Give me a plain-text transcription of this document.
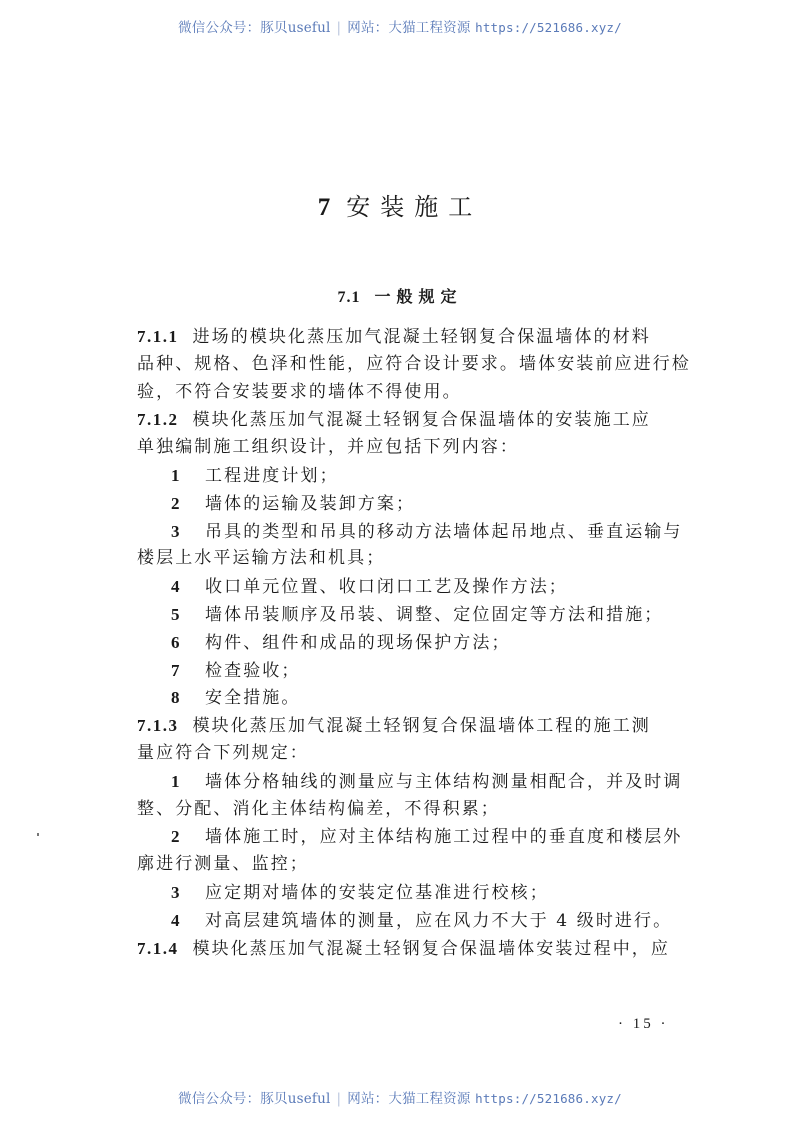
微信公众号：豚贝useful | 网站：大猫工程资源 https://521686.xyz/
7 安装施工
7.1 一般规定
7.1.1 进场的模块化蒸压加气混凝土轻钢复合保温墙体的材料
品种、规格、色泽和性能，应符合设计要求。墙体安装前应进行检
验，不符合安装要求的墙体不得使用。
7.1.2 模块化蒸压加气混凝土轻钢复合保温墙体的安装施工应
单独编制施工组织设计，并应包括下列内容：
1 工程进度计划；
2 墙体的运输及装卸方案；
3 吊具的类型和吊具的移动方法墙体起吊地点、垂直运输与
楼层上水平运输方法和机具；
4 收口单元位置、收口闭口工艺及操作方法；
5 墙体吊装顺序及吊装、调整、定位固定等方法和措施；
6 构件、组件和成品的现场保护方法；
7 检查验收；
8 安全措施。
7.1.3 模块化蒸压加气混凝土轻钢复合保温墙体工程的施工测
量应符合下列规定：
1 墙体分格轴线的测量应与主体结构测量相配合，并及时调
整、分配、消化主体结构偏差，不得积累；
2 墙体施工时，应对主体结构施工过程中的垂直度和楼层外
廓进行测量、监控；
3 应定期对墙体的安装定位基准进行校核；
4 对高层建筑墙体的测量，应在风力不大于 4 级时进行。
7.1.4 模块化蒸压加气混凝土轻钢复合保温墙体安装过程中，应
· 15 ·
微信公众号：豚贝useful | 网站：大猫工程资源 https://521686.xyz/
